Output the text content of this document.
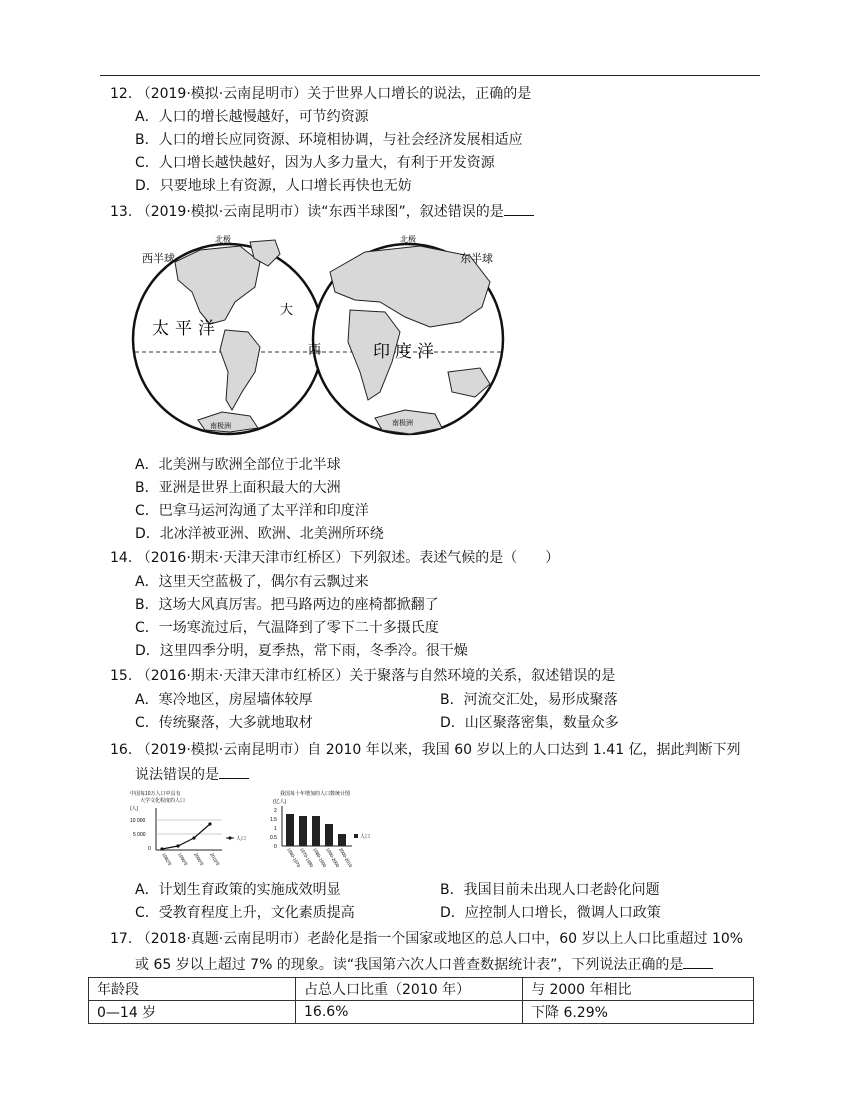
12. （2019·模拟·云南昆明市）关于世界人口增长的说法，正确的是
A．人口的增长越慢越好，可节约资源
B．人口的增长应同资源、环境相协调，与社会经济发展相适应
C．人口增长越快越好，因为人多力量大，有利于开发资源
D．只要地球上有资源，人口增长再快也无妨
13. （2019·模拟·云南昆明市）读“东西半球图”，叙述错误的是
西半球	东半球
北极	北极
太平洋
大
西	印度洋
南极洲	南极洲
A．北美洲与欧洲全部位于北半球
B．亚洲是世界上面积最大的大洲
C．巴拿马运河沟通了太平洋和印度洋
D．北冰洋被亚洲、欧洲、北美洲所环绕
14. （2016·期末·天津天津市红桥区）下列叙述。表述气候的是（　　）
A．这里天空蓝极了，偶尔有云飘过来
B．这场大风真厉害。把马路两边的座椅都掀翻了
C．一场寒流过后，气温降到了零下二十多摄氏度
D．这里四季分明，夏季热，常下雨，冬季冷。很干燥
15. （2016·期末·天津天津市红桥区）关于聚落与自然环境的关系，叙述错误的是
A．寒冷地区，房屋墙体较厚	B．河流交汇处，易形成聚落
C．传统聚落，大多就地取材	D．山区聚落密集，数量众多
16. （2019·模拟·云南昆明市）自 2010 年以来，我国 60 岁以上的人口达到 1.41 亿，据此判断下列
说法错误的是
中国每10万人口中具有
大学文化程度的人口
(人)
10 000
5 000
0
人口
1982年 1990年 2000年 2010年
我国每十年增加的人口数统计图
(亿人)
2
1.5
1
0.5
0
人口
1960-1970
1970-1980
1980-1990
1990-2000
2000-2010
A．计划生育政策的实施成效明显	B．我国目前未出现人口老龄化问题
C．受教育程度上升，文化素质提高	D．应控制人口增长，微调人口政策
17. （2018·真题·云南昆明市）老龄化是指一个国家或地区的总人口中，60 岁以上人口比重超过 10%
或 65 岁以上超过 7% 的现象。读“我国第六次人口普查数据统计表”，下列说法正确的是
年龄段	占总人口比重（2010 年）	与 2000 年相比
0—14 岁	16.6%	下降 6.29%
